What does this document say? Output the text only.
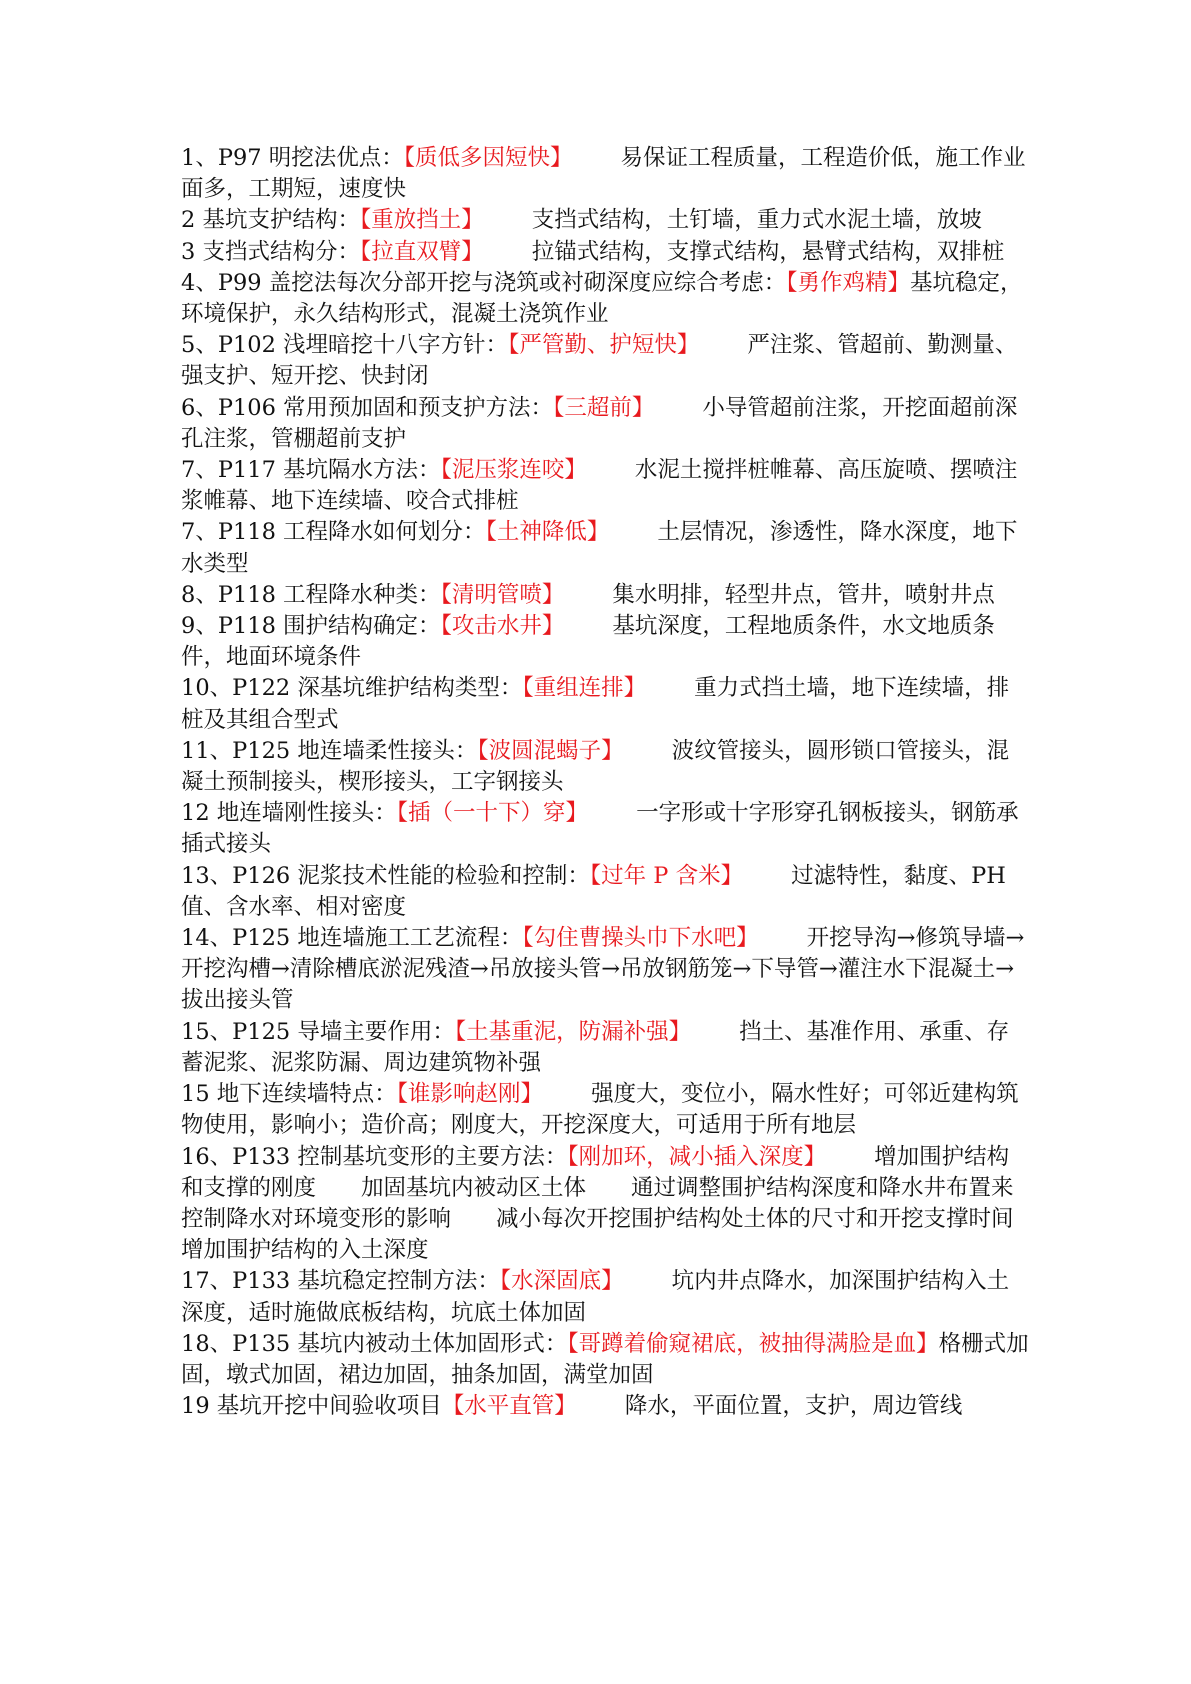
1、P97 明挖法优点：【质低多因短快】 易保证工程质量，工程造价低，施工作业面多，工期短，速度快

2 基坑支护结构：【重放挡土】 支挡式结构，土钉墙，重力式水泥土墙，放坡

3 支挡式结构分：【拉直双臂】 拉锚式结构，支撑式结构，悬臂式结构，双排桩

4、P99 盖挖法每次分部开挖与浇筑或衬砌深度应综合考虑：【勇作鸡精】基坑稳定，环境保护，永久结构形式，混凝土浇筑作业

5、P102 浅埋暗挖十八字方针：【严管勤、护短快】 严注浆、管超前、勤测量、强支护、短开挖、快封闭

6、P106 常用预加固和预支护方法：【三超前】 小导管超前注浆，开挖面超前深孔注浆，管棚超前支护

7、P117 基坑隔水方法：【泥压浆连咬】 水泥土搅拌桩帷幕、高压旋喷、摆喷注浆帷幕、地下连续墙、咬合式排桩

7、P118 工程降水如何划分：【土神降低】 土层情况，渗透性，降水深度，地下水类型

8、P118 工程降水种类：【清明管喷】 集水明排，轻型井点，管井，喷射井点

9、P118 围护结构确定：【攻击水井】 基坑深度，工程地质条件，水文地质条件，地面环境条件

10、P122 深基坑维护结构类型：【重组连排】 重力式挡土墙，地下连续墙，排桩及其组合型式

11、P125 地连墙柔性接头：【波圆混蝎子】 波纹管接头，圆形锁口管接头，混凝土预制接头，楔形接头，工字钢接头

12 地连墙刚性接头：【插（一十下）穿】 一字形或十字形穿孔钢板接头，钢筋承插式接头

13、P126 泥浆技术性能的检验和控制：【过年 P 含米】 过滤特性，黏度、PH 值、含水率、相对密度

14、P125 地连墙施工工艺流程：【勾住曹操头巾下水吧】 开挖导沟→修筑导墙→开挖沟槽→清除槽底淤泥残渣→吊放接头管→吊放钢筋笼→下导管→灌注水下混凝土→拔出接头管

15、P125 导墙主要作用：【土基重泥，防漏补强】 挡土、基准作用、承重、存蓄泥浆、泥浆防漏、周边建筑物补强

15 地下连续墙特点：【谁影响赵刚】 强度大，变位小，隔水性好；可邻近建构筑物使用，影响小；造价高；刚度大，开挖深度大，可适用于所有地层

16、P133 控制基坑变形的主要方法：【刚加环，减小插入深度】 增加围护结构和支撑的刚度　　加固基坑内被动区土体　　通过调整围护结构深度和降水井布置来控制降水对环境变形的影响　　减小每次开挖围护结构处土体的尺寸和开挖支撑时间　　增加围护结构的入土深度

17、P133 基坑稳定控制方法：【水深固底】 坑内井点降水，加深围护结构入土深度，适时施做底板结构，坑底土体加固

18、P135 基坑内被动土体加固形式：【哥蹲着偷窥裙底，被抽得满脸是血】格栅式加固，墩式加固，裙边加固，抽条加固，满堂加固

19 基坑开挖中间验收项目【水平直管】 降水，平面位置，支护，周边管线
